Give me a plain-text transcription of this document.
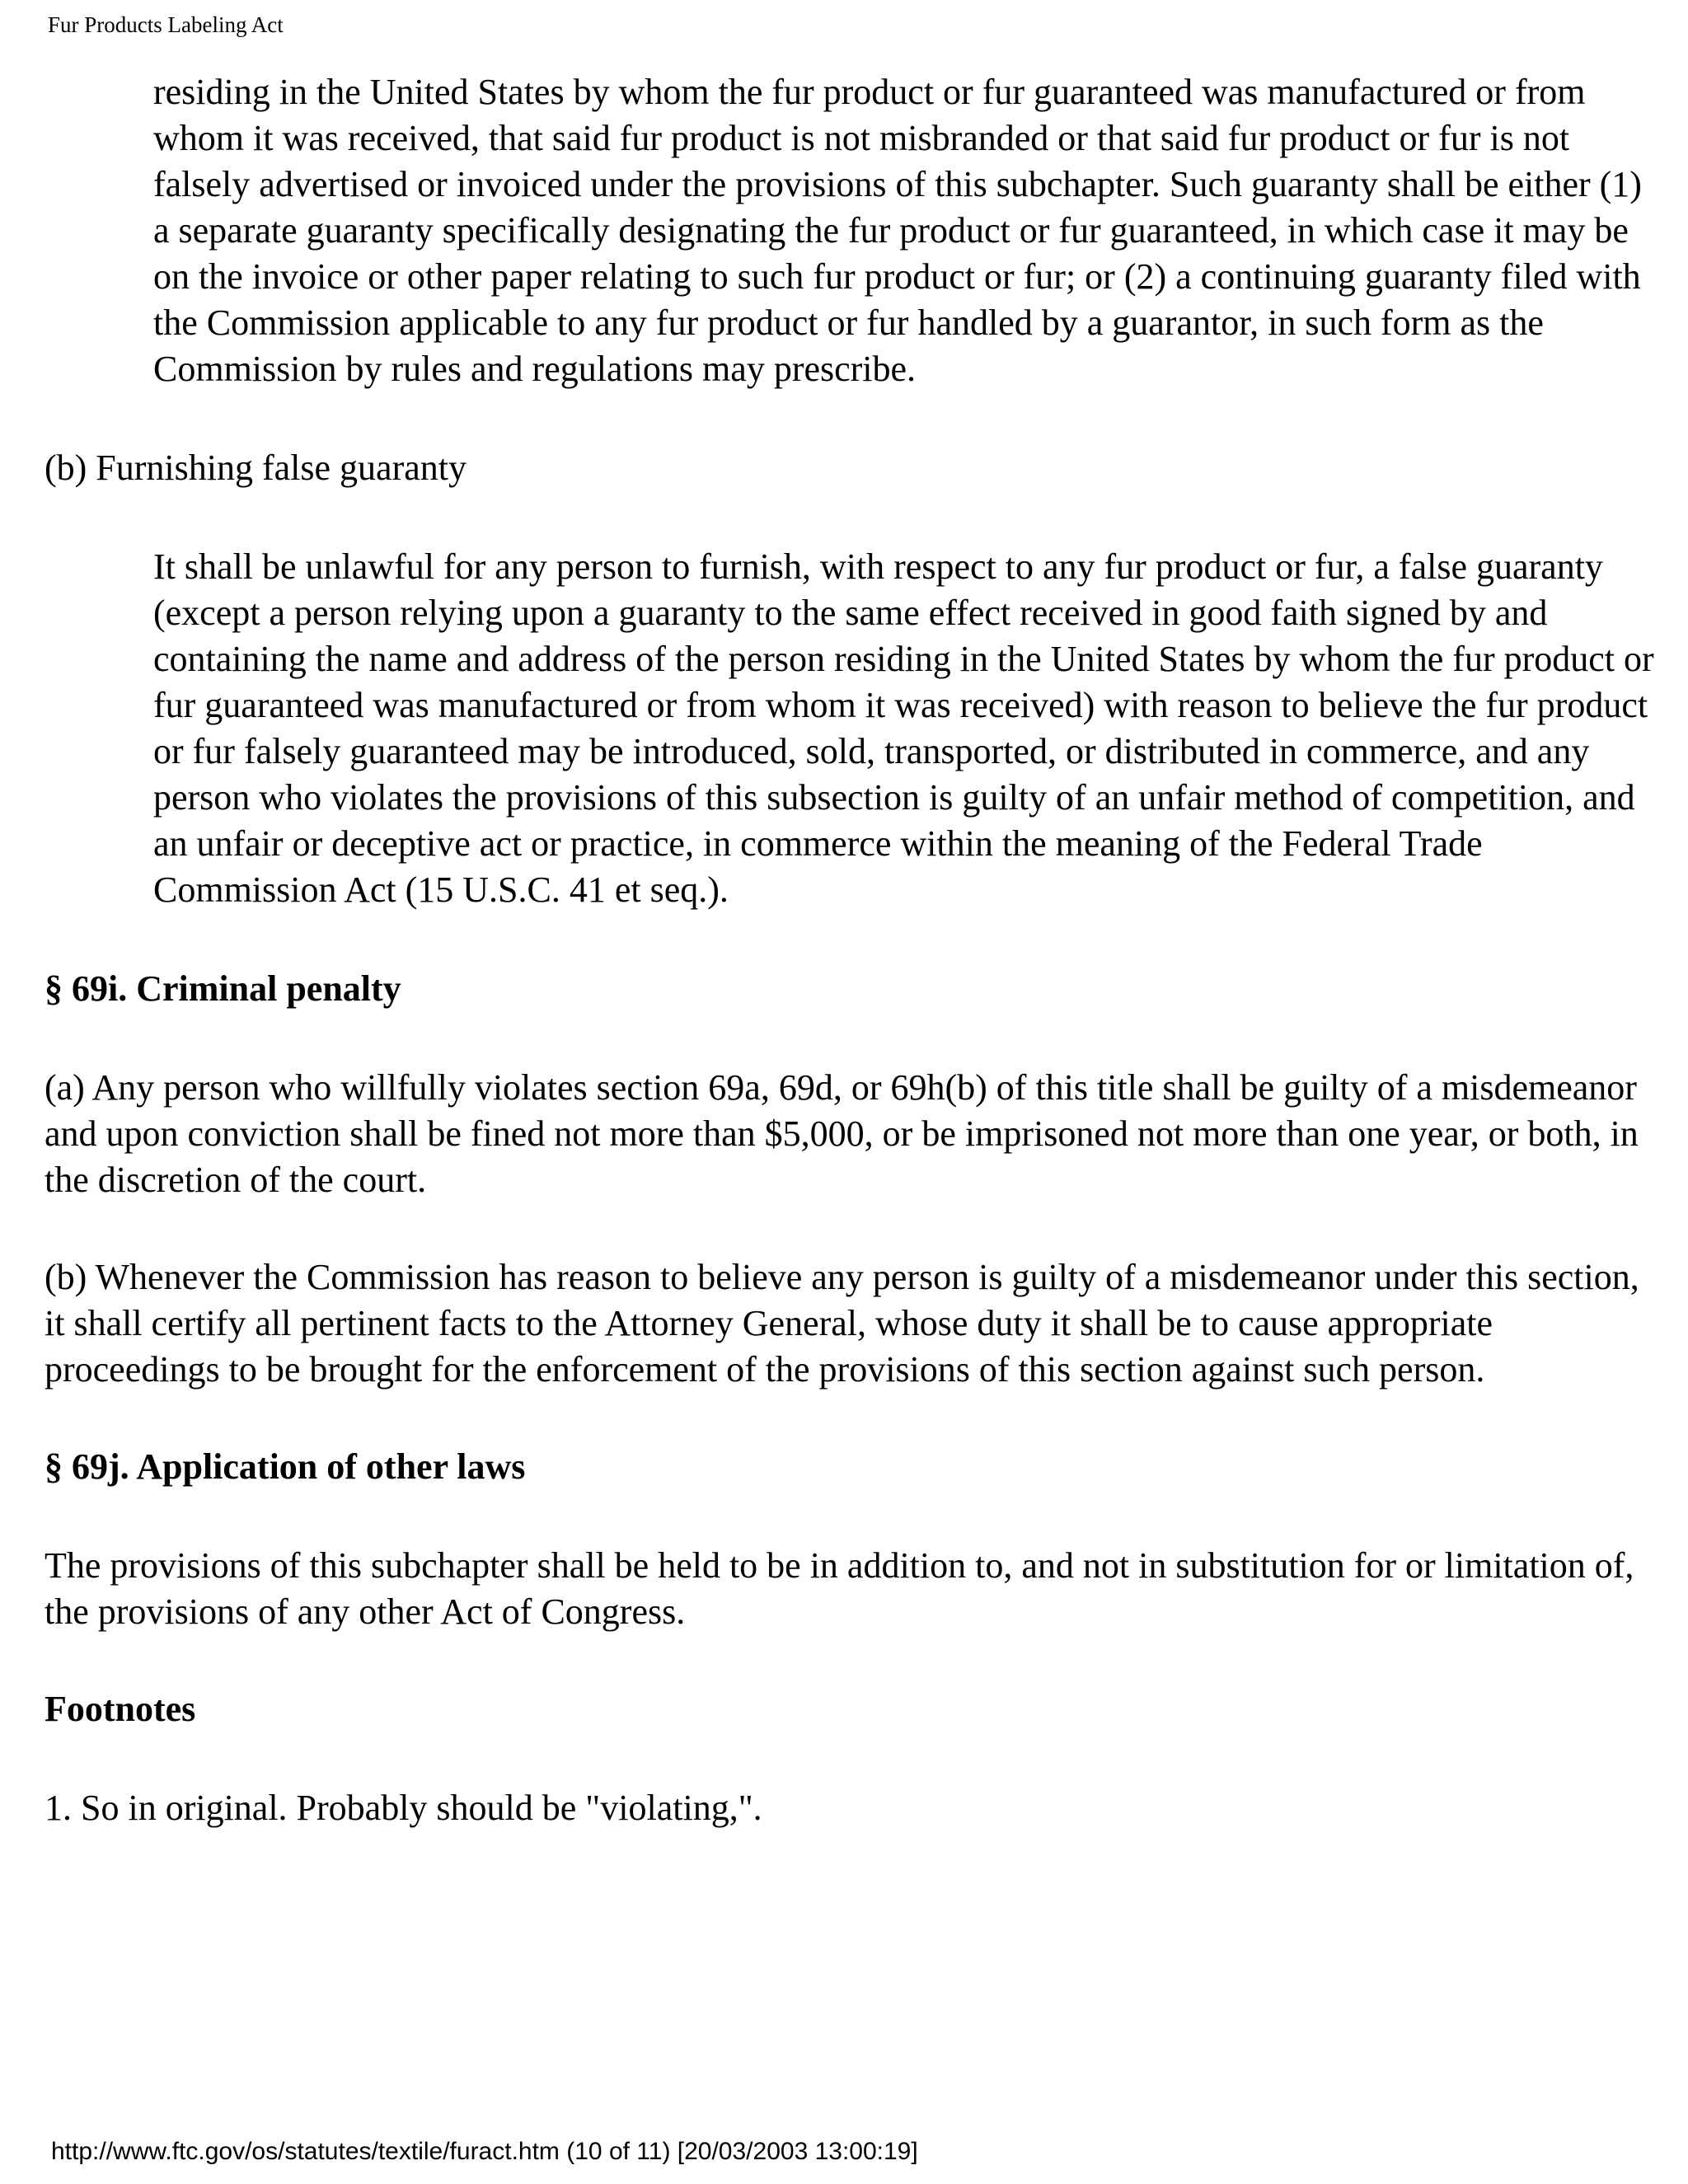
Fur Products Labeling Act

residing in the United States by whom the fur product or fur guaranteed was manufactured or from whom it was received, that said fur product is not misbranded or that said fur product or fur is not falsely advertised or invoiced under the provisions of this subchapter. Such guaranty shall be either (1) a separate guaranty specifically designating the fur product or fur guaranteed, in which case it may be on the invoice or other paper relating to such fur product or fur; or (2) a continuing guaranty filed with the Commission applicable to any fur product or fur handled by a guarantor, in such form as the Commission by rules and regulations may prescribe.

(b) Furnishing false guaranty

It shall be unlawful for any person to furnish, with respect to any fur product or fur, a false guaranty (except a person relying upon a guaranty to the same effect received in good faith signed by and containing the name and address of the person residing in the United States by whom the fur product or fur guaranteed was manufactured or from whom it was received) with reason to believe the fur product or fur falsely guaranteed may be introduced, sold, transported, or distributed in commerce, and any person who violates the provisions of this subsection is guilty of an unfair method of competition, and an unfair or deceptive act or practice, in commerce within the meaning of the Federal Trade Commission Act (15 U.S.C. 41 et seq.).

§ 69i. Criminal penalty

(a) Any person who willfully violates section 69a, 69d, or 69h(b) of this title shall be guilty of a misdemeanor and upon conviction shall be fined not more than $5,000, or be imprisoned not more than one year, or both, in the discretion of the court.

(b) Whenever the Commission has reason to believe any person is guilty of a misdemeanor under this section, it shall certify all pertinent facts to the Attorney General, whose duty it shall be to cause appropriate proceedings to be brought for the enforcement of the provisions of this section against such person.

§ 69j. Application of other laws

The provisions of this subchapter shall be held to be in addition to, and not in substitution for or limitation of, the provisions of any other Act of Congress.

Footnotes

1. So in original. Probably should be "violating,".

http://www.ftc.gov/os/statutes/textile/furact.htm (10 of 11) [20/03/2003 13:00:19]
